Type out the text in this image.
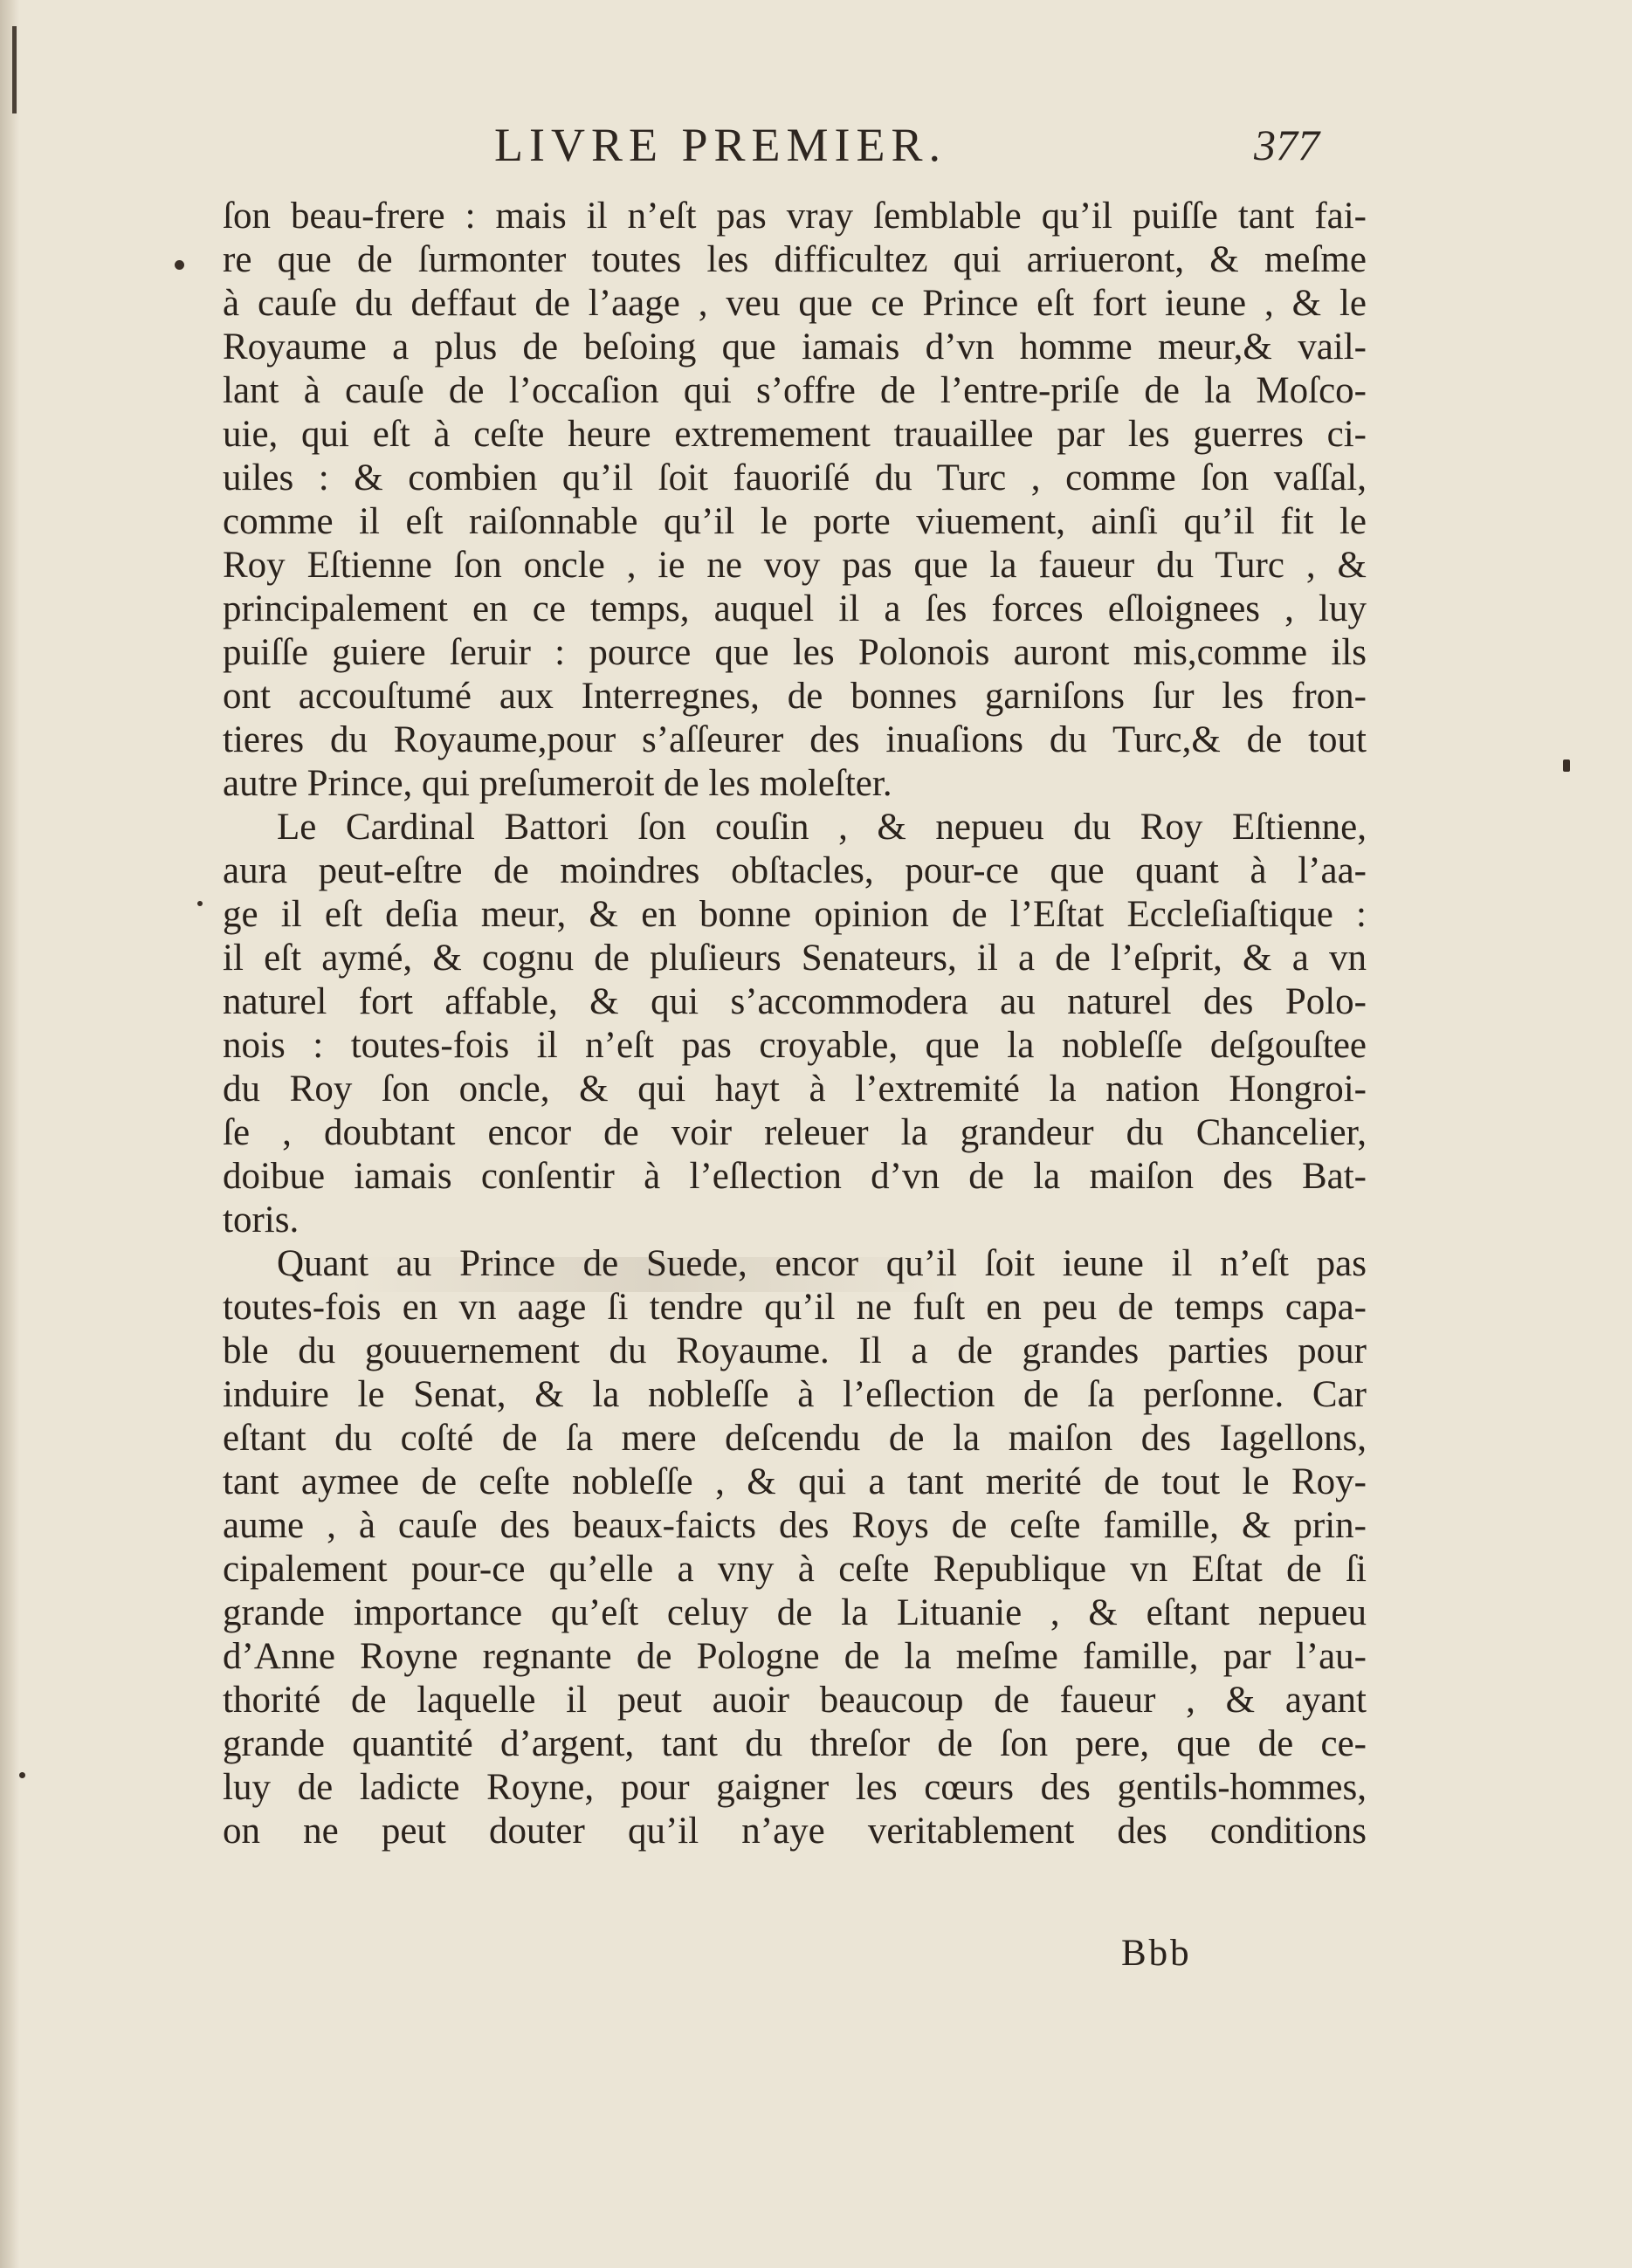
LIVRE PREMIER.	377
ſon beau-frere : mais il n’eſt pas vray ſemblable qu’il puiſſe tant fai-
re que de ſurmonter toutes les difficultez qui arriueront, & meſme
à cauſe du deffaut de l’aage , veu que ce Prince eſt fort ieune , & le
Royaume a plus de beſoing que iamais d’vn homme meur,& vail-
lant à cauſe de l’occaſion qui s’offre de l’entre-priſe de la Moſco-
uie, qui eſt à ceſte heure extremement trauaillee par les guerres ci-
uiles : & combien qu’il ſoit fauoriſé du Turc , comme ſon vaſſal,
comme il eſt raiſonnable qu’il le porte viuement, ainſi qu’il fit le
Roy Eſtienne ſon oncle , ie ne voy pas que la faueur du Turc , &
principalement en ce temps, auquel il a ſes forces eſloignees , luy
puiſſe guiere ſeruir : pource que les Polonois auront mis,comme ils
ont accouſtumé aux Interregnes, de bonnes garniſons ſur les fron-
tieres du Royaume,pour s’aſſeurer des inuaſions du Turc,& de tout
autre Prince, qui preſumeroit de les moleſter.
Le Cardinal Battori ſon couſin , & nepueu du Roy Eſtienne,
aura peut-eſtre de moindres obſtacles, pour-ce que quant à l’aa-
ge il eſt deſia meur, & en bonne opinion de l’Eſtat Eccleſiaſtique :
il eſt aymé, & cognu de pluſieurs Senateurs, il a de l’eſprit, & a vn
naturel fort affable, & qui s’accommodera au naturel des Polo-
nois : toutes-fois il n’eſt pas croyable, que la nobleſſe deſgouſtee
du Roy ſon oncle, & qui hayt à l’extremité la nation Hongroi-
ſe , doubtant encor de voir releuer la grandeur du Chancelier,
doibue iamais conſentir à l’eſlection d’vn de la maiſon des Bat-
toris.
Quant au Prince de Suede, encor qu’il ſoit ieune il n’eſt pas
toutes-fois en vn aage ſi tendre qu’il ne fuſt en peu de temps capa-
ble du gouuernement du Royaume. Il a de grandes parties pour
induire le Senat, & la nobleſſe à l’eſlection de ſa perſonne. Car
eſtant du coſté de ſa mere deſcendu de la maiſon des Iagellons,
tant aymee de ceſte nobleſſe , & qui a tant merité de tout le Roy-
aume , à cauſe des beaux-faicts des Roys de ceſte famille, & prin-
cipalement pour-ce qu’elle a vny à ceſte Republique vn Eſtat de ſi
grande importance qu’eſt celuy de la Lituanie , & eſtant nepueu
d’Anne Royne regnante de Pologne de la meſme famille, par l’au-
thorité de laquelle il peut auoir beaucoup de faueur , & ayant
grande quantité d’argent, tant du threſor de ſon pere, que de ce-
luy de ladicte Royne, pour gaigner les cœurs des gentils-hommes,
on ne peut douter qu’il n’aye veritablement des conditions
Bbb
